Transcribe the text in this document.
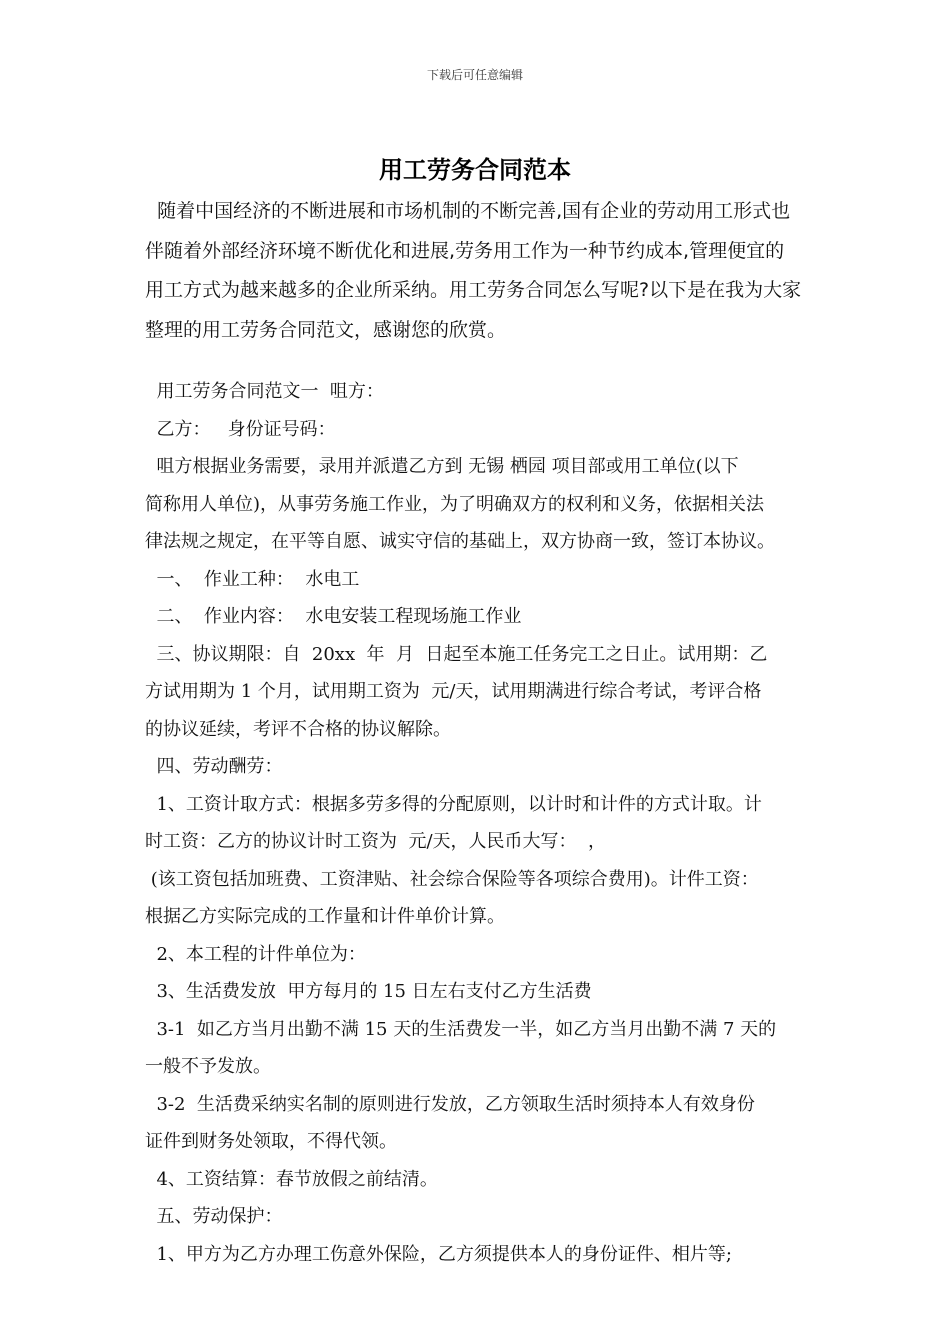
下载后可任意编辑
用工劳务合同范本
随着中国经济的不断进展和市场机制的不断完善,国有企业的劳动用工形式也
伴随着外部经济环境不断优化和进展,劳务用工作为一种节约成本,管理便宜的
用工方式为越来越多的企业所采纳。用工劳务合同怎么写呢?以下是在我为大家
整理的用工劳务合同范文，感谢您的欣赏。
用工劳务合同范文一  咀方：
乙方：   身份证号码：
咀方根据业务需要，录用并派遣乙方到 无锡 栖园 项目部或用工单位(以下
简称用人单位)，从事劳务施工作业，为了明确双方的权利和义务，依据相关法
律法规之规定，在平等自愿、诚实守信的基础上，双方协商一致，签订本协议。
一、  作业工种：  水电工
二、  作业内容：  水电安装工程现场施工作业
三、协议期限：自  20xx  年  月  日起至本施工任务完工之日止。试用期：乙
方试用期为 1 个月，试用期工资为  元/天，试用期满进行综合考试，考评合格
的协议延续，考评不合格的协议解除。
四、劳动酬劳：
1、工资计取方式：根据多劳多得的分配原则，以计时和计件的方式计取。计
时工资：乙方的协议计时工资为  元/天，人民币大写：  ，
(该工资包括加班费、工资津贴、社会综合保险等各项综合费用)。计件工资：
根据乙方实际完成的工作量和计件单价计算。
2、本工程的计件单位为：
3、生活费发放  甲方每月的 15 日左右支付乙方生活费
3-1  如乙方当月出勤不满 15 天的生活费发一半，如乙方当月出勤不满 7 天的
一般不予发放。
3-2  生活费采纳实名制的原则进行发放，乙方领取生活时须持本人有效身份
证件到财务处领取，不得代领。
4、工资结算：春节放假之前结清。
五、劳动保护：
1、甲方为乙方办理工伤意外保险，乙方须提供本人的身份证件、相片等;
